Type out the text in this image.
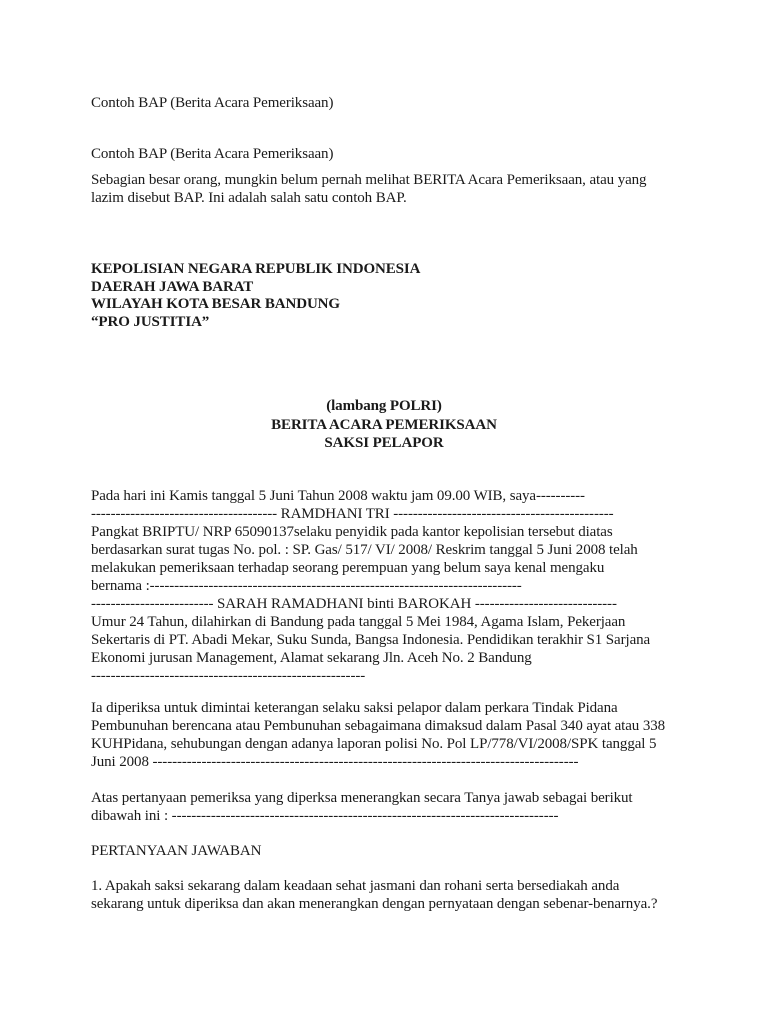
Contoh BAP (Berita Acara Pemeriksaan)
Contoh BAP (Berita Acara Pemeriksaan)
Sebagian besar orang, mungkin belum pernah melihat BERITA Acara Pemeriksaan, atau yang
lazim disebut BAP. Ini adalah salah satu contoh BAP.
KEPOLISIAN NEGARA REPUBLIK INDONESIA
DAERAH JAWA BARAT
WILAYAH KOTA BESAR BANDUNG
“PRO JUSTITIA”
(lambang POLRI)
BERITA ACARA PEMERIKSAAN
SAKSI PELAPOR
Pada hari ini Kamis tanggal 5 Juni Tahun 2008 waktu jam 09.00 WIB, saya----------
-------------------------------------- RAMDHANI TRI ---------------------------------------------
Pangkat BRIPTU/ NRP 65090137selaku penyidik pada kantor kepolisian tersebut diatas
berdasarkan surat tugas No. pol. : SP. Gas/ 517/ VI/ 2008/ Reskrim tanggal 5 Juni 2008 telah
melakukan pemeriksaan terhadap seorang perempuan yang belum saya kenal mengaku
bernama :----------------------------------------------------------------------------
------------------------- SARAH RAMADHANI binti BAROKAH -----------------------------
Umur 24 Tahun, dilahirkan di Bandung pada tanggal 5 Mei 1984, Agama Islam, Pekerjaan
Sekertaris di PT. Abadi Mekar, Suku Sunda, Bangsa Indonesia. Pendidikan terakhir S1 Sarjana
Ekonomi jurusan Management, Alamat sekarang Jln. Aceh No. 2 Bandung
--------------------------------------------------------
Ia diperiksa untuk dimintai keterangan selaku saksi pelapor dalam perkara Tindak Pidana
Pembunuhan berencana atau Pembunuhan sebagaimana dimaksud dalam Pasal 340 ayat atau 338
KUHPidana, sehubungan dengan adanya laporan polisi No. Pol LP/778/VI/2008/SPK tanggal 5
Juni 2008 ---------------------------------------------------------------------------------------
Atas pertanyaan pemeriksa yang diperksa menerangkan secara Tanya jawab sebagai berikut
dibawah ini : -------------------------------------------------------------------------------
PERTANYAAN JAWABAN
1. Apakah saksi sekarang dalam keadaan sehat jasmani dan rohani serta bersediakah anda
sekarang untuk diperiksa dan akan menerangkan dengan pernyataan dengan sebenar-benarnya.?
